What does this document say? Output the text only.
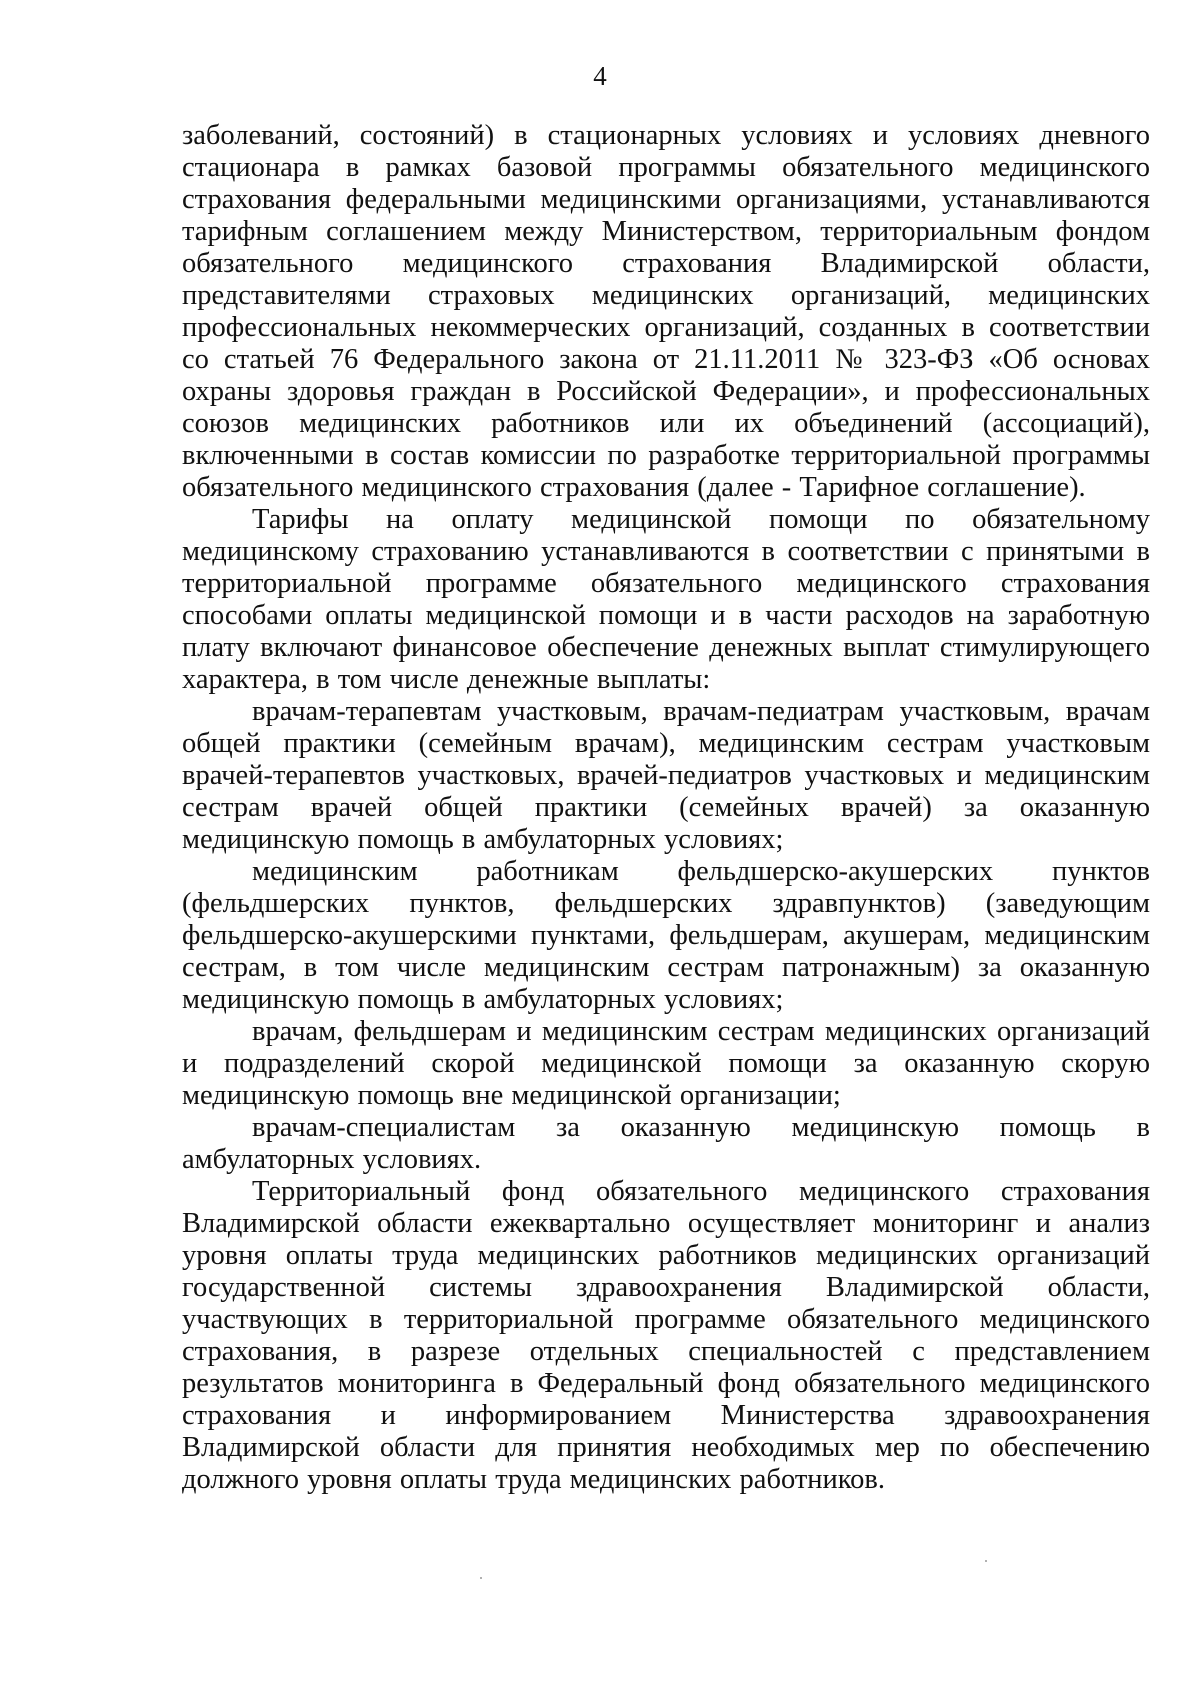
4

заболеваний, состояний) в стационарных условиях и условиях дневного стационара в рамках базовой программы обязательного медицинского страхования федеральными медицинскими организациями, устанавливаются тарифным соглашением между Министерством, территориальным фондом обязательного медицинского страхования Владимирской области, представителями страховых медицинских организаций, медицинских профессиональных некоммерческих организаций, созданных в соответствии со статьей 76 Федерального закона от 21.11.2011 № 323-ФЗ «Об основах охраны здоровья граждан в Российской Федерации», и профессиональных союзов медицинских работников или их объединений (ассоциаций), включенными в состав комиссии по разработке территориальной программы обязательного медицинского страхования (далее - Тарифное соглашение).

Тарифы на оплату медицинской помощи по обязательному медицинскому страхованию устанавливаются в соответствии с принятыми в территориальной программе обязательного медицинского страхования способами оплаты медицинской помощи и в части расходов на заработную плату включают финансовое обеспечение денежных выплат стимулирующего характера, в том числе денежные выплаты:

врачам-терапевтам участковым, врачам-педиатрам участковым, врачам общей практики (семейным врачам), медицинским сестрам участковым врачей-терапевтов участковых, врачей-педиатров участковых и медицинским сестрам врачей общей практики (семейных врачей) за оказанную медицинскую помощь в амбулаторных условиях;

медицинским работникам фельдшерско-акушерских пунктов (фельдшерских пунктов, фельдшерских здравпунктов) (заведующим фельдшерско-акушерскими пунктами, фельдшерам, акушерам, медицинским сестрам, в том числе медицинским сестрам патронажным) за оказанную медицинскую помощь в амбулаторных условиях;

врачам, фельдшерам и медицинским сестрам медицинских организаций и подразделений скорой медицинской помощи за оказанную скорую медицинскую помощь вне медицинской организации;

врачам-специалистам за оказанную медицинскую помощь в амбулаторных условиях.

Территориальный фонд обязательного медицинского страхования Владимирской области ежеквартально осуществляет мониторинг и анализ уровня оплаты труда медицинских работников медицинских организаций государственной системы здравоохранения Владимирской области, участвующих в территориальной программе обязательного медицинского страхования, в разрезе отдельных специальностей с представлением результатов мониторинга в Федеральный фонд обязательного медицинского страхования и информированием Министерства здравоохранения Владимирской области для принятия необходимых мер по обеспечению должного уровня оплаты труда медицинских работников.
